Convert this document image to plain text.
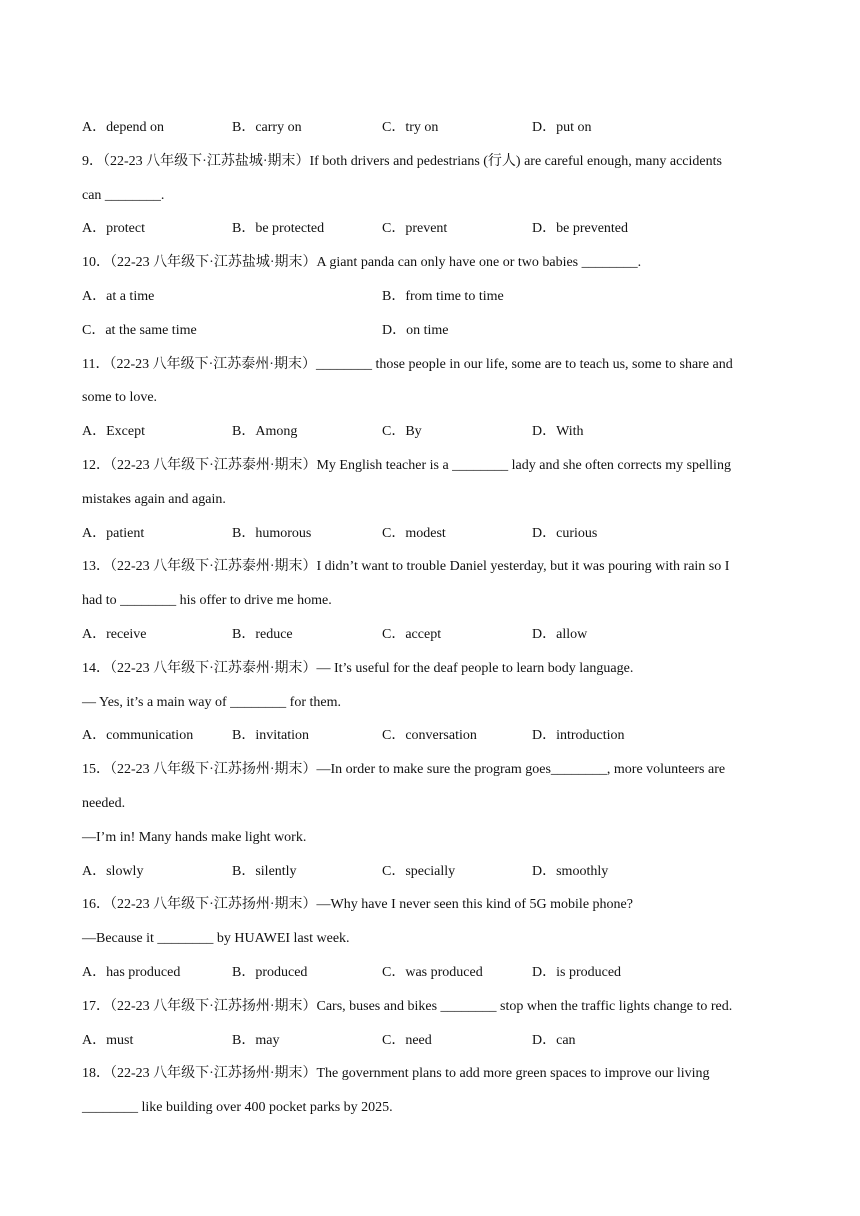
A．depend on	B．carry on	C．try on	D．put on
9．（22-23 八年级下·江苏盐城·期末）If both drivers and pedestrians (行人) are careful enough, many accidents
can ________.
A．protect	B．be protected	C．prevent	D．be prevented
10．（22-23 八年级下·江苏盐城·期末）A giant panda can only have one or two babies ________.
A．at a time	B．from time to time
C．at the same time	D．on time
11．（22-23 八年级下·江苏泰州·期末）________ those people in our life, some are to teach us, some to share and
some to love.
A．Except	B．Among	C．By	D．With
12．（22-23 八年级下·江苏泰州·期末）My English teacher is a ________ lady and she often corrects my spelling
mistakes again and again.
A．patient	B．humorous	C．modest	D．curious
13．（22-23 八年级下·江苏泰州·期末）I didn’t want to trouble Daniel yesterday, but it was pouring with rain so I
had to ________ his offer to drive me home.
A．receive	B．reduce	C．accept	D．allow
14．（22-23 八年级下·江苏泰州·期末）— It’s useful for the deaf people to learn body language.
— Yes, it’s a main way of ________ for them.
A．communication	B．invitation	C．conversation	D．introduction
15．（22-23 八年级下·江苏扬州·期末）—In order to make sure the program goes________, more volunteers are
needed.
—I’m in! Many hands make light work.
A．slowly	B．silently	C．specially	D．smoothly
16．（22-23 八年级下·江苏扬州·期末）—Why have I never seen this kind of 5G mobile phone?
—Because it ________ by HUAWEI last week.
A．has produced	B．produced	C．was produced	D．is produced
17．（22-23 八年级下·江苏扬州·期末）Cars, buses and bikes ________ stop when the traffic lights change to red.
A．must	B．may	C．need	D．can
18．（22-23 八年级下·江苏扬州·期末）The government plans to add more green spaces to improve our living
________ like building over 400 pocket parks by 2025.
